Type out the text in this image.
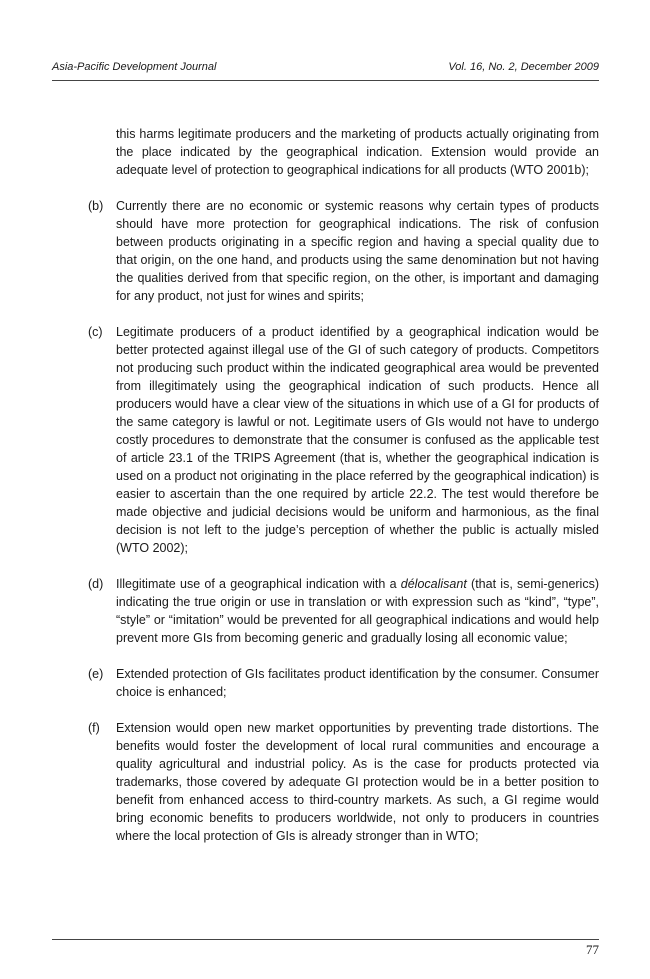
Asia-Pacific Development Journal	Vol. 16, No. 2, December 2009

this harms legitimate producers and the marketing of products actually originating from the place indicated by the geographical indication. Extension would provide an adequate level of protection to geographical indications for all products (WTO 2001b);

(b) Currently there are no economic or systemic reasons why certain types of products should have more protection for geographical indications. The risk of confusion between products originating in a specific region and having a special quality due to that origin, on the one hand, and products using the same denomination but not having the qualities derived from that specific region, on the other, is important and damaging for any product, not just for wines and spirits;

(c) Legitimate producers of a product identified by a geographical indication would be better protected against illegal use of the GI of such category of products. Competitors not producing such product within the indicated geographical area would be prevented from illegitimately using the geographical indication of such products. Hence all producers would have a clear view of the situations in which use of a GI for products of the same category is lawful or not. Legitimate users of GIs would not have to undergo costly procedures to demonstrate that the consumer is confused as the applicable test of article 23.1 of the TRIPS Agreement (that is, whether the geographical indication is used on a product not originating in the place referred by the geographical indication) is easier to ascertain than the one required by article 22.2. The test would therefore be made objective and judicial decisions would be uniform and harmonious, as the final decision is not left to the judge’s perception of whether the public is actually misled (WTO 2002);

(d) Illegitimate use of a geographical indication with a délocalisant (that is, semi-generics) indicating the true origin or use in translation or with expression such as “kind”, “type”, “style” or “imitation” would be prevented for all geographical indications and would help prevent more GIs from becoming generic and gradually losing all economic value;

(e) Extended protection of GIs facilitates product identification by the consumer. Consumer choice is enhanced;

(f) Extension would open new market opportunities by preventing trade distortions. The benefits would foster the development of local rural communities and encourage a quality agricultural and industrial policy. As is the case for products protected via trademarks, those covered by adequate GI protection would be in a better position to benefit from enhanced access to third-country markets. As such, a GI regime would bring economic benefits to producers worldwide, not only to producers in countries where the local protection of GIs is already stronger than in WTO;

77
